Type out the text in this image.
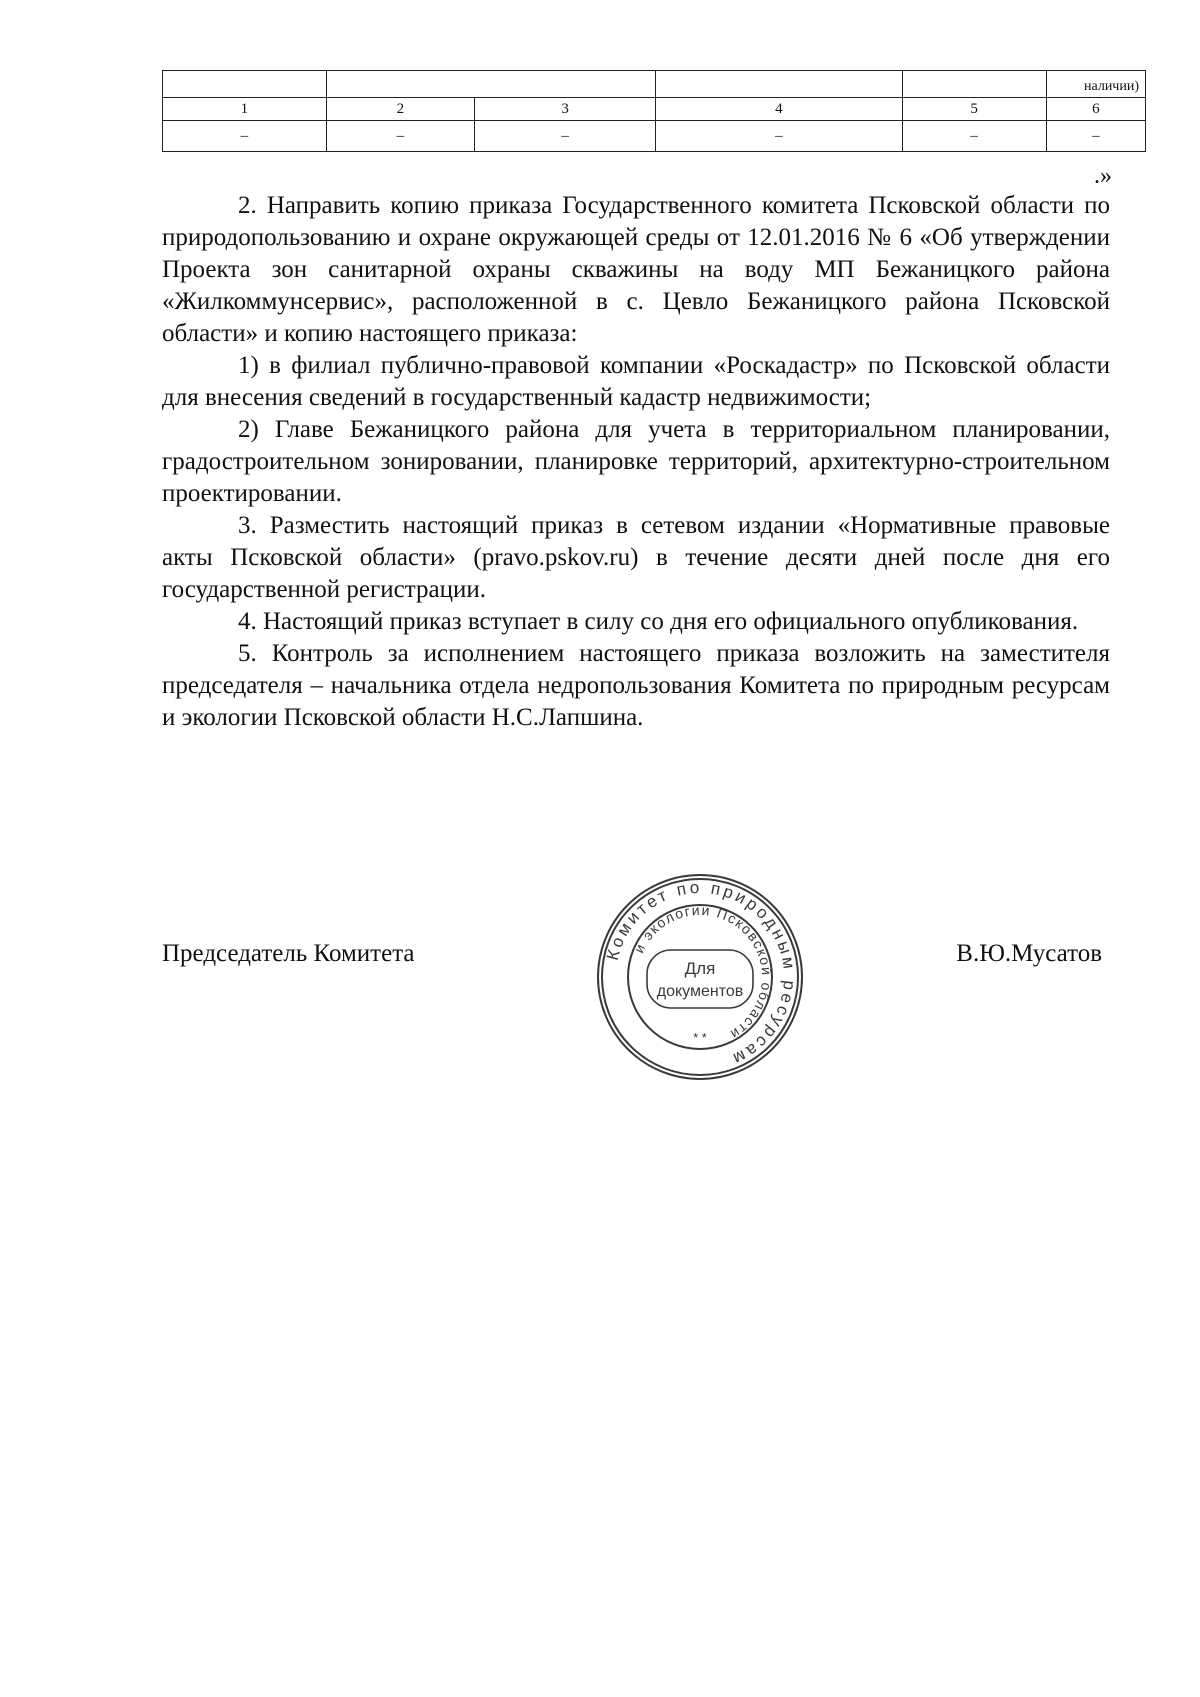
					наличии)
1	2	3	4	5	6
–	–	–	–	–	–
.»

2. Направить копию приказа Государственного комитета Псковской области по природопользованию и охране окружающей среды от 12.01.2016 № 6 «Об утверждении Проекта зон санитарной охраны скважины на воду МП Бежаницкого района «Жилкоммунсервис», расположенной в с. Цевло Бежаницкого района Псковской области» и копию настоящего приказа:

1) в филиал публично-правовой компании «Роскадастр» по Псковской области для внесения сведений в государственный кадастр недвижимости;

2) Главе Бежаницкого района для учета в территориальном планировании, градостроительном зонировании, планировке территорий, архитектурно-строительном проектировании.

3. Разместить настоящий приказ в сетевом издании «Нормативные правовые акты Псковской области» (pravo.pskov.ru) в течение десяти дней после дня его государственной регистрации.

4. Настоящий приказ вступает в силу со дня его официального опубликования.

5. Контроль за исполнением настоящего приказа возложить на заместителя председателя – начальника отдела недропользования Комитета по природным ресурсам и экологии Псковской области Н.С.Лапшина.

Председатель Комитета	В.Ю.Мусатов
Комитет по природным ресурсам
и экологии Псковской области
Для
документов
* *
